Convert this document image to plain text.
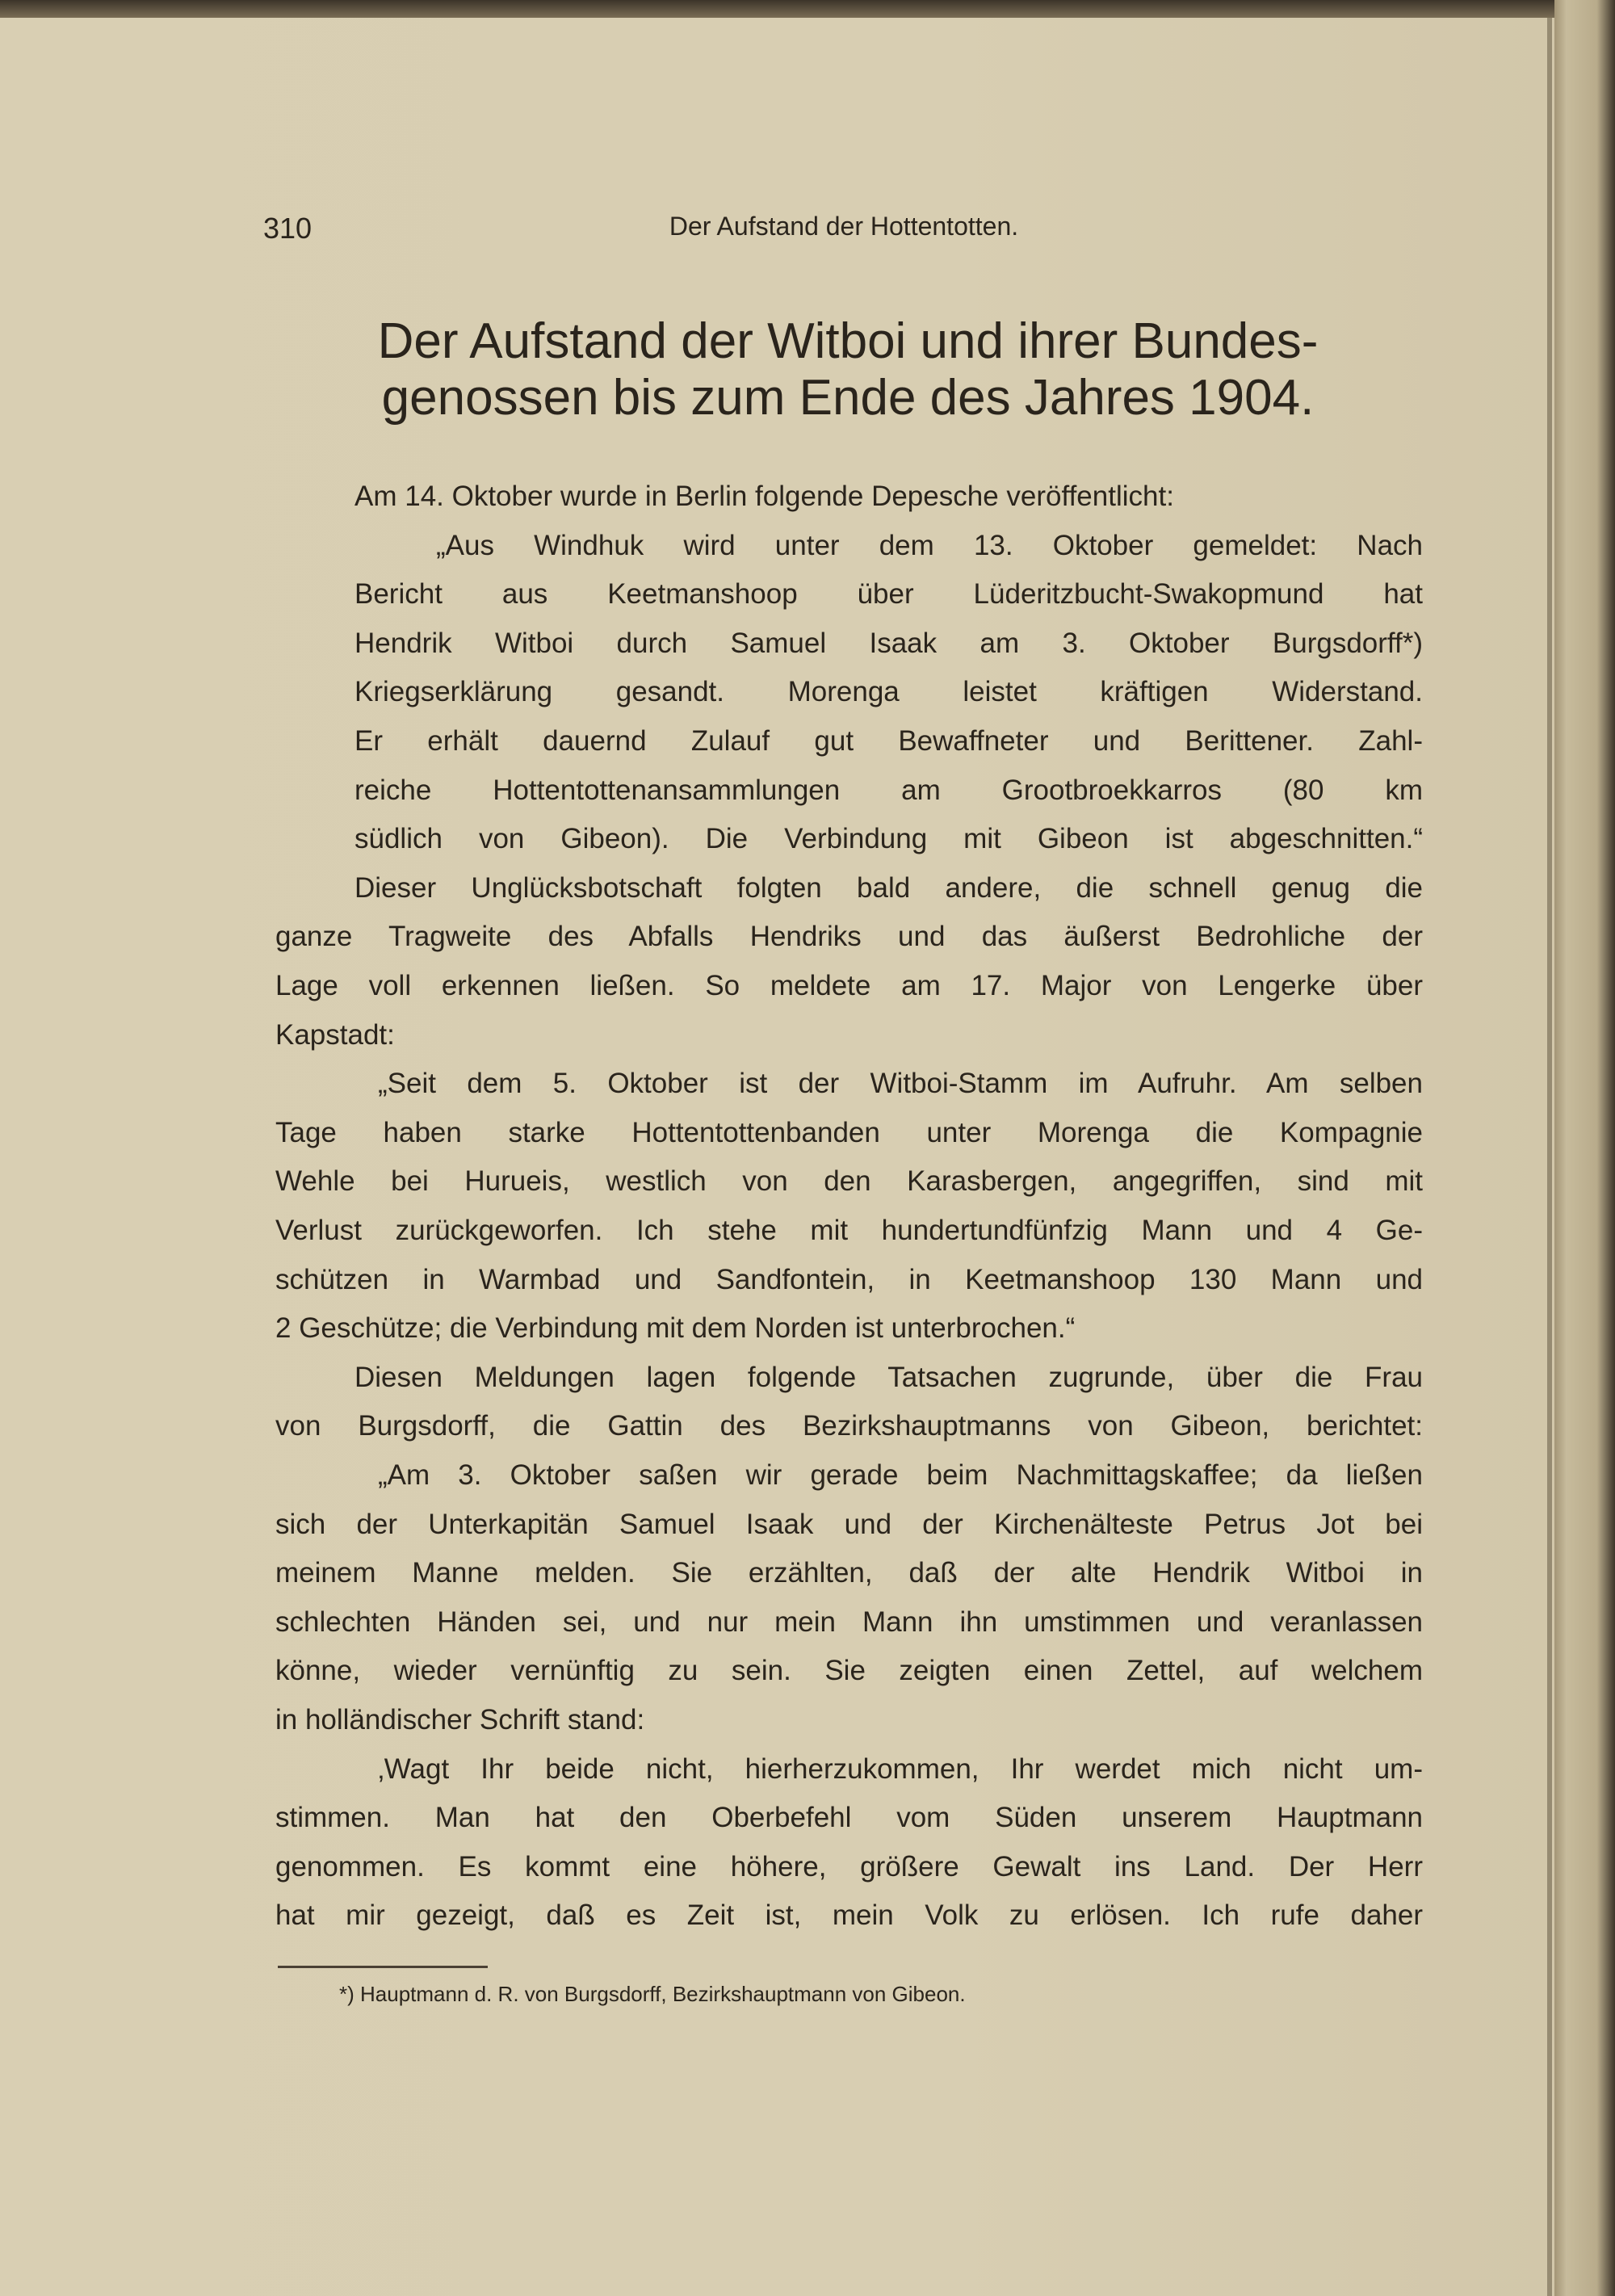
310	Der Aufstand der Hottentotten.
Der Aufstand der Witboi und ihrer Bundes-
genossen bis zum Ende des Jahres 1904.
Am 14. Oktober wurde in Berlin folgende Depesche veröffentlicht:
„Aus Windhuk wird unter dem 13. Oktober gemeldet: Nach
Bericht aus Keetmanshoop über Lüderitzbucht-Swakopmund hat
Hendrik Witboi durch Samuel Isaak am 3. Oktober Burgsdorff*)
Kriegserklärung gesandt. Morenga leistet kräftigen Widerstand.
Er erhält dauernd Zulauf gut Bewaffneter und Berittener. Zahl-
reiche Hottentottenansammlungen am Grootbroekkarros (80 km
südlich von Gibeon). Die Verbindung mit Gibeon ist abgeschnitten.“
Dieser Unglücksbotschaft folgten bald andere, die schnell genug die
ganze Tragweite des Abfalls Hendriks und das äußerst Bedrohliche der
Lage voll erkennen ließen. So meldete am 17. Major von Lengerke über
Kapstadt:
„Seit dem 5. Oktober ist der Witboi-Stamm im Aufruhr. Am selben
Tage haben starke Hottentottenbanden unter Morenga die Kompagnie
Wehle bei Hurueis, westlich von den Karasbergen, angegriffen, sind mit
Verlust zurückgeworfen. Ich stehe mit hundertundfünfzig Mann und 4 Ge-
schützen in Warmbad und Sandfontein, in Keetmanshoop 130 Mann und
2 Geschütze; die Verbindung mit dem Norden ist unterbrochen.“
Diesen Meldungen lagen folgende Tatsachen zugrunde, über die Frau
von Burgsdorff, die Gattin des Bezirkshauptmanns von Gibeon, berichtet:
„Am 3. Oktober saßen wir gerade beim Nachmittagskaffee; da ließen
sich der Unterkapitän Samuel Isaak und der Kirchenälteste Petrus Jot bei
meinem Manne melden. Sie erzählten, daß der alte Hendrik Witboi in
schlechten Händen sei, und nur mein Mann ihn umstimmen und veranlassen
könne, wieder vernünftig zu sein. Sie zeigten einen Zettel, auf welchem
in holländischer Schrift stand:
‚Wagt Ihr beide nicht, hierherzukommen, Ihr werdet mich nicht um-
stimmen. Man hat den Oberbefehl vom Süden unserem Hauptmann
genommen. Es kommt eine höhere, größere Gewalt ins Land. Der Herr
hat mir gezeigt, daß es Zeit ist, mein Volk zu erlösen. Ich rufe daher
*) Hauptmann d. R. von Burgsdorff, Bezirkshauptmann von Gibeon.
